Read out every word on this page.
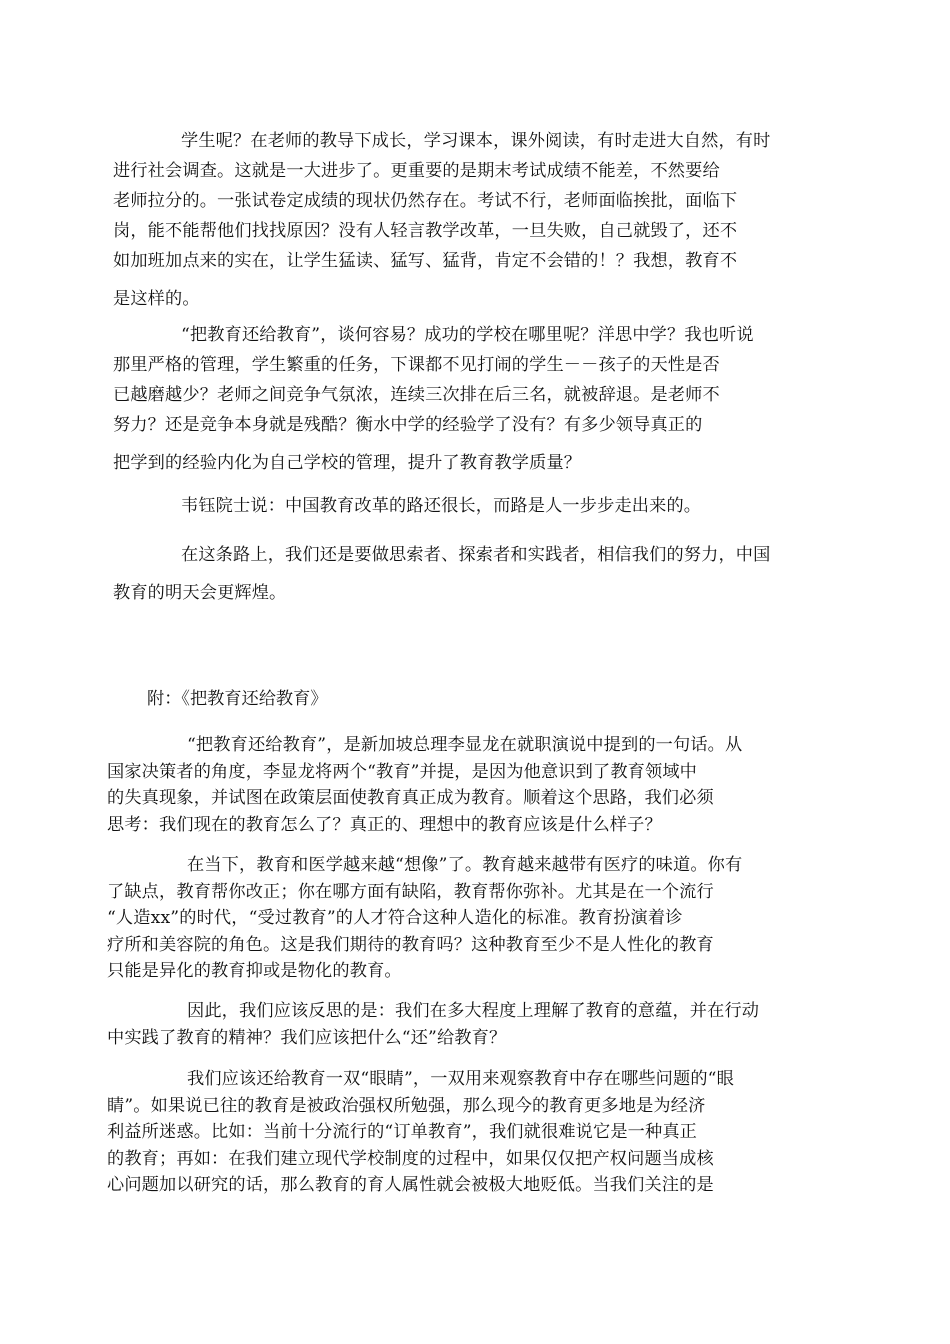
学生呢？在老师的教导下成长，学习课本，课外阅读，有时走进大自然，有时
进行社会调查。这就是一大进步了。更重要的是期末考试成绩不能差，不然要给
老师拉分的。一张试卷定成绩的现状仍然存在。考试不行，老师面临挨批，面临下
岗，能不能帮他们找找原因？没有人轻言教学改革，一旦失败，自己就毁了，还不
如加班加点来的实在，让学生猛读、猛写、猛背，肯定不会错的！？我想，教育不
是这样的。
“把教育还给教育”，谈何容易？成功的学校在哪里呢？洋思中学？我也听说
那里严格的管理，学生繁重的任务，下课都不见打闹的学生－－孩子的天性是否
已越磨越少？老师之间竞争气氛浓，连续三次排在后三名，就被辞退。是老师不
努力？还是竞争本身就是残酷？衡水中学的经验学了没有？有多少领导真正的
把学到的经验内化为自己学校的管理，提升了教育教学质量？
韦钰院士说：中国教育改革的路还很长，而路是人一步步走出来的。
在这条路上，我们还是要做思索者、探索者和实践者，相信我们的努力，中国
教育的明天会更辉煌。
附：《把教育还给教育》
“把教育还给教育”，是新加坡总理李显龙在就职演说中提到的一句话。从
国家决策者的角度，李显龙将两个“教育”并提，是因为他意识到了教育领域中
的失真现象，并试图在政策层面使教育真正成为教育。顺着这个思路，我们必须
思考：我们现在的教育怎么了？真正的、理想中的教育应该是什么样子？
在当下，教育和医学越来越“想像”了。教育越来越带有医疗的味道。你有
了缺点，教育帮你改正；你在哪方面有缺陷，教育帮你弥补。尤其是在一个流行
“人造xx”的时代，“受过教育”的人才符合这种人造化的标准。教育扮演着诊
疗所和美容院的角色。这是我们期待的教育吗？这种教育至少不是人性化的教育
只能是异化的教育抑或是物化的教育。
因此，我们应该反思的是：我们在多大程度上理解了教育的意蕴，并在行动
中实践了教育的精神？我们应该把什么“还”给教育？
我们应该还给教育一双“眼睛”，一双用来观察教育中存在哪些问题的“眼
睛”。如果说已往的教育是被政治强权所勉强，那么现今的教育更多地是为经济
利益所迷惑。比如：当前十分流行的“订单教育”，我们就很难说它是一种真正
的教育；再如：在我们建立现代学校制度的过程中，如果仅仅把产权问题当成核
心问题加以研究的话，那么教育的育人属性就会被极大地贬低。当我们关注的是
